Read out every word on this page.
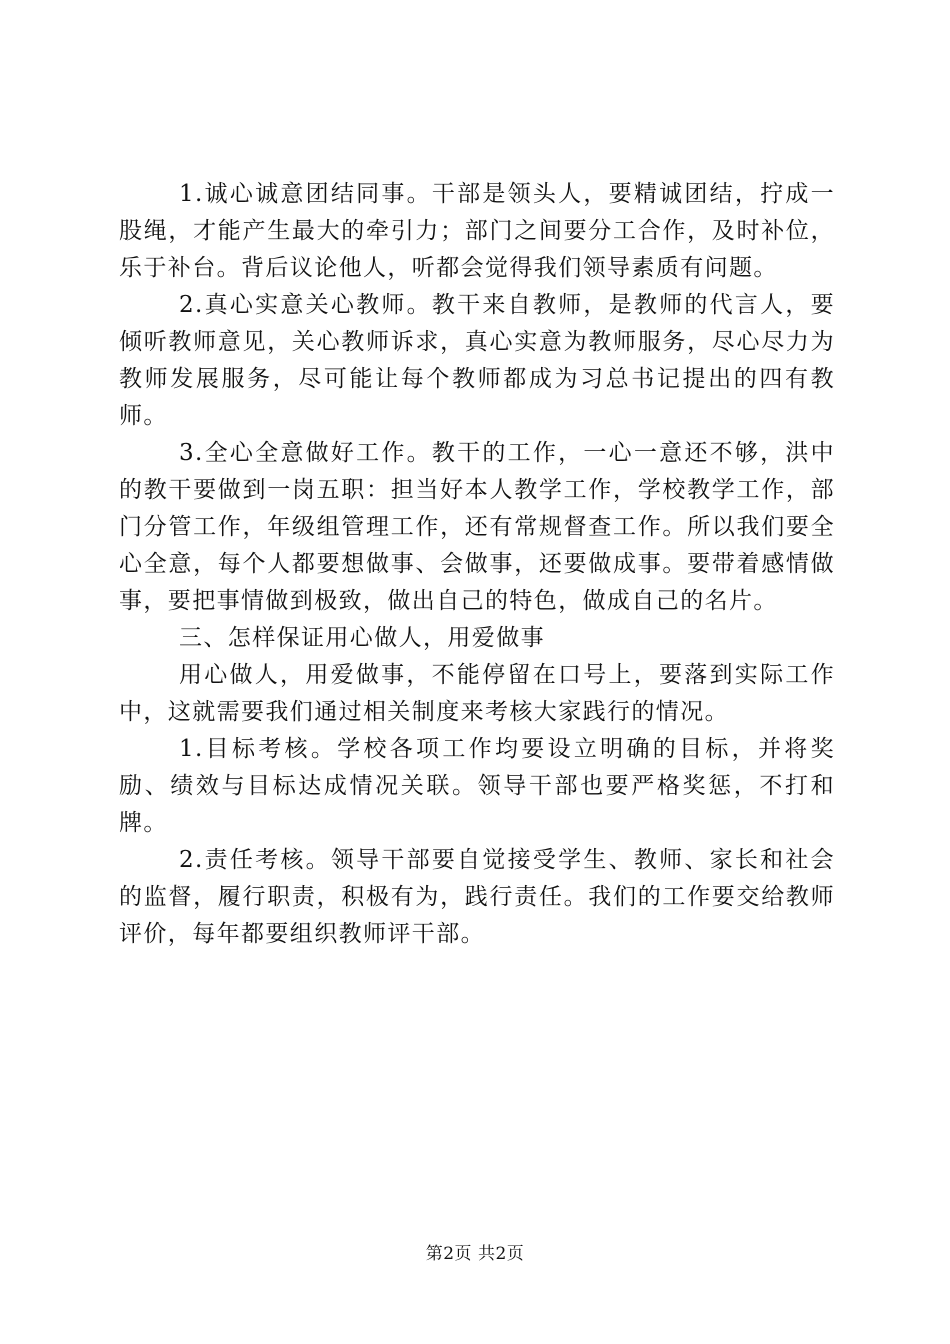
1.诚心诚意团结同事。干部是领头人，要精诚团结，拧成一股绳，才能产生最大的牵引力；部门之间要分工合作，及时补位，乐于补台。背后议论他人，听都会觉得我们领导素质有问题。

2.真心实意关心教师。教干来自教师，是教师的代言人，要倾听教师意见，关心教师诉求，真心实意为教师服务，尽心尽力为教师发展服务，尽可能让每个教师都成为习总书记提出的四有教师。

3.全心全意做好工作。教干的工作，一心一意还不够，洪中的教干要做到一岗五职：担当好本人教学工作，学校教学工作，部门分管工作，年级组管理工作，还有常规督查工作。所以我们要全心全意，每个人都要想做事、会做事，还要做成事。要带着感情做事，要把事情做到极致，做出自己的特色，做成自己的名片。

三、怎样保证用心做人，用爱做事

用心做人，用爱做事，不能停留在口号上，要落到实际工作中，这就需要我们通过相关制度来考核大家践行的情况。

1.目标考核。学校各项工作均要设立明确的目标，并将奖励、绩效与目标达成情况关联。领导干部也要严格奖惩，不打和牌。

2.责任考核。领导干部要自觉接受学生、教师、家长和社会的监督，履行职责，积极有为，践行责任。我们的工作要交给教师评价，每年都要组织教师评干部。

第2页 共2页
